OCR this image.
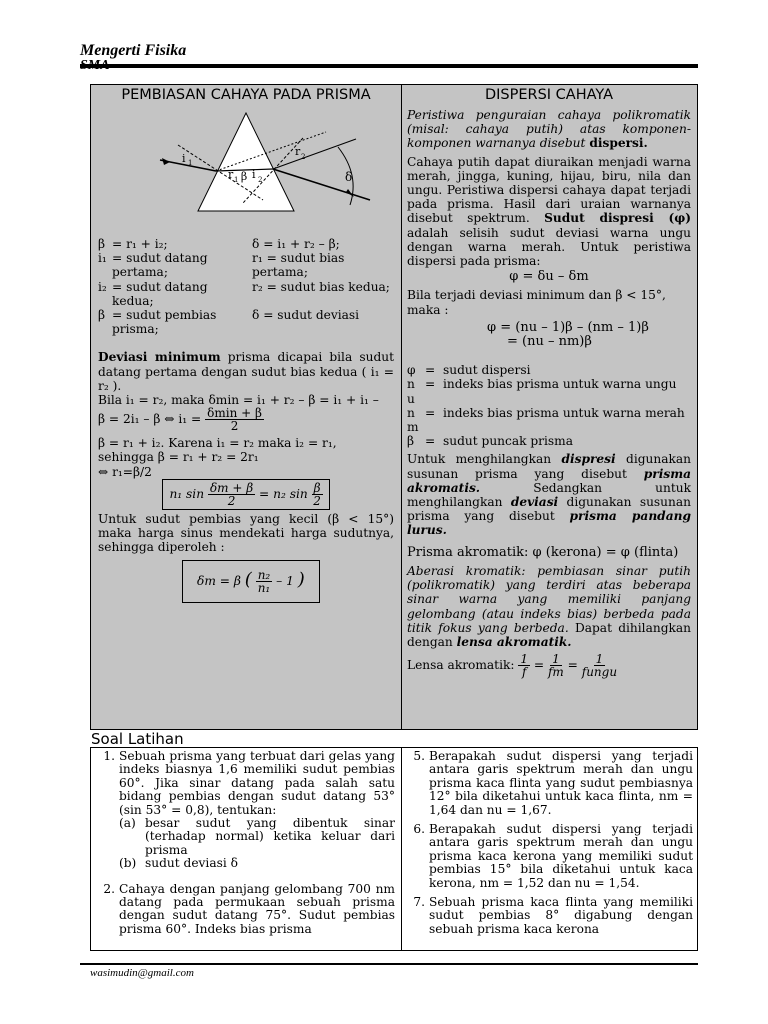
Mengerti Fisika
PEMBIASAN CAHAYA PADA PRISMA
β	δ
i 1
r 2
r 1 i 2
β	= r₁ + i₂;	δ = i₁ + r₂ – β;
i₁	= sudut datang pertama;	r₁ = sudut bias pertama;
i₂	= sudut datang kedua;	r₂ = sudut bias kedua;
β	= sudut pembias prisma;	δ = sudut deviasi

Deviasi minimum prisma dicapai bila sudut datang pertama dengan sudut bias kedua ( i₁ = r₂ ).

Bila i₁ = r₂, maka δmin = i₁ + r₂ – β = i₁ + i₁ –

β = 2i₁ – β ⇔ i₁ = δmin + β
2

β = r₁ + i₂. Karena i₁ = r₂ maka i₂ = r₁,

sehingga β = r₁ + r₂ = 2r₁

⇔ r₁=β/2

n₁ $\sin \frac{\delta m + \beta}{2} = n_2$ $\sin \frac{\beta}{2}$

Untuk sudut pembias yang kecil (β < 15°) maka harga sinus mendekati harga sudutnya, sehingga diperoleh :

δm = β ( $\frac{\text{n₂}}{\text{n₁}} - 1$ )
DISPERSI CAHAYA

Peristiwa penguraian cahaya polikromatik (misal: cahaya putih) atas komponen-komponen warnanya disebut dispersi.

Cahaya putih dapat diuraikan menjadi warna merah, jingga, kuning, hijau, biru, nila dan ungu. Peristiwa dispersi cahaya dapat terjadi pada prisma. Hasil dari uraian warnanya disebut spektrum. Sudut dispresi (φ) adalah selisih sudut deviasi warna ungu dengan warna merah. Untuk peristiwa dispersi pada prisma:

φ = δu – δm

Bila terjadi deviasi minimum dan β < 15°, maka :

φ = (nu – 1)β – (nm – 1)β

= (nu – nm)β

φ	=	sudut dispersi
n u	=	indeks bias prisma untuk warna ungu
n m	=	indeks bias prisma untuk warna merah
β	=	sudut puncak prisma

Untuk menghilangkan dispresi digunakan susunan prisma yang disebut prisma akromatis. Sedangkan untuk menghilangkan deviasi digunakan susunan prisma yang disebut prisma pandang lurus.

Prisma akromatik: φ (kerona) = φ (flinta)

Aberasi kromatik: pembiasan sinar putih (polikromatik) yang terdiri atas beberapa sinar warna yang memiliki panjang gelombang (atau indeks bias) berbeda pada titik fokus yang berbeda. Dapat dihilangkan dengan lensa akromatik.

Lensa akromatik: $\frac{1}{f} = \frac{1}{fm} = 1$
fungu

Soal Latihan
1. Sebuah prisma yang terbuat dari gelas yang indeks biasnya 1,6 memiliki sudut pembias 60°. Jika sinar datang pada salah satu bidang pembias dengan sudut datang 53° (sin 53° = 0,8), tentukan:
(a) besar sudut yang dibentuk sinar (terhadap normal) ketika keluar dari prisma
(b) sudut deviasi δ
2. Cahaya dengan panjang gelombang 700 nm datang pada permukaan sebuah prisma dengan sudut datang 75°. Sudut pembias prisma 60°. Indeks bias prisma
5. Berapakah sudut dispersi yang terjadi antara garis spektrum merah dan ungu prisma kaca flinta yang sudut pembiasnya 12° bila diketahui untuk kaca flinta, nm = 1,64 dan nu = 1,67.
6. Berapakah sudut dispersi yang terjadi antara garis spektrum merah dan ungu prisma kaca kerona yang memiliki sudut pembias 15° bila diketahui untuk kaca kerona, nm = 1,52 dan nu = 1,54.
7. Sebuah prisma kaca flinta yang memiliki sudut pembias 8° digabung dengan sebuah prisma kaca kerona
wasimudin@gmail.com
